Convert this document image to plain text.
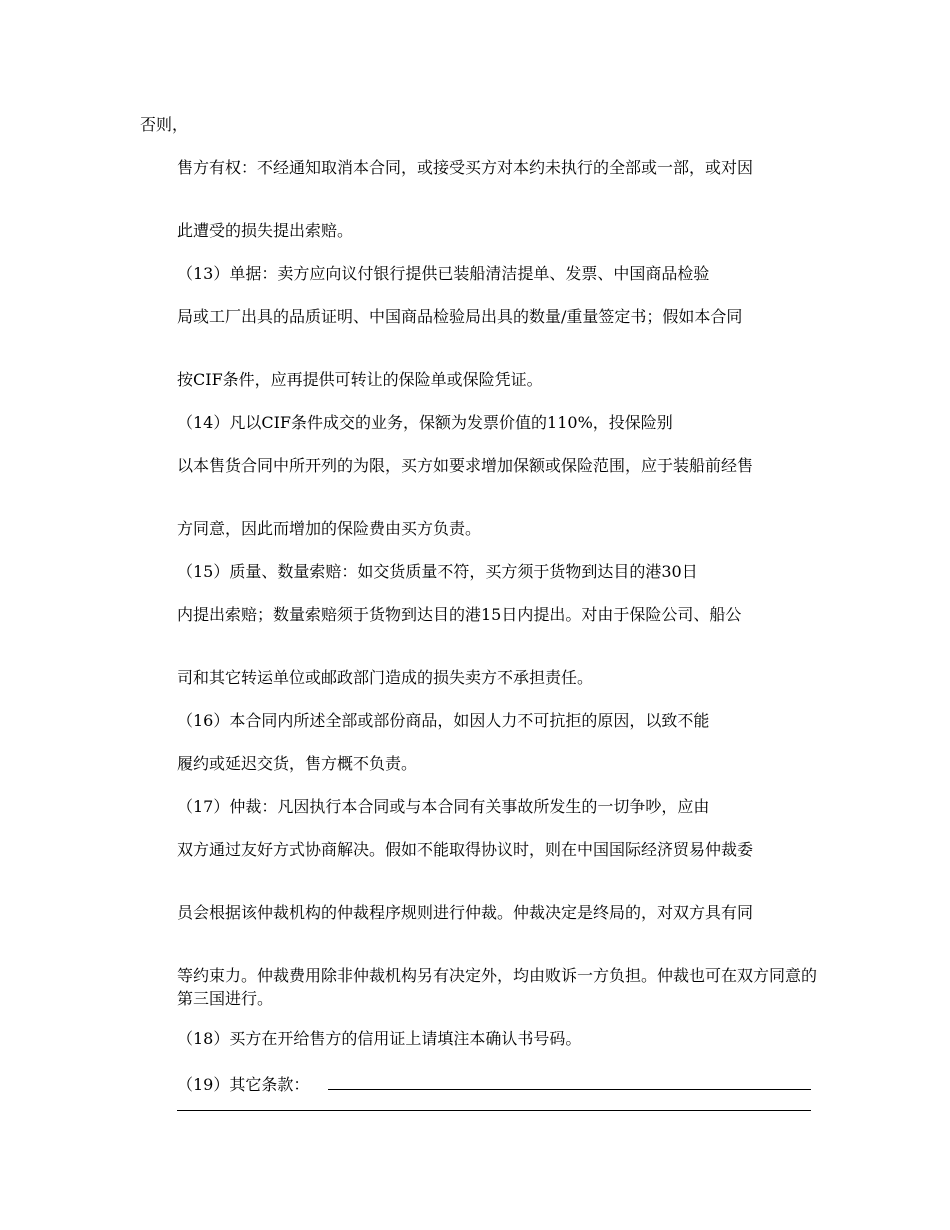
否则，
售方有权：不经通知取消本合同，或接受买方对本约未执行的全部或一部，或对因
此遭受的损失提出索赔。
（13）单据：卖方应向议付银行提供已装船清洁提单、发票、中国商品检验
局或工厂出具的品质证明、中国商品检验局出具的数量/重量签定书；假如本合同
按CIF条件，应再提供可转让的保险单或保险凭证。
（14）凡以CIF条件成交的业务，保额为发票价值的110%，投保险别
以本售货合同中所开列的为限，买方如要求增加保额或保险范围，应于装船前经售
方同意，因此而增加的保险费由买方负责。
（15）质量、数量索赔：如交货质量不符，买方须于货物到达目的港30日
内提出索赔；数量索赔须于货物到达目的港15日内提出。对由于保险公司、船公
司和其它转运单位或邮政部门造成的损失卖方不承担责任。
（16）本合同内所述全部或部份商品，如因人力不可抗拒的原因，以致不能
履约或延迟交货，售方概不负责。
（17）仲裁：凡因执行本合同或与本合同有关事故所发生的一切争吵，应由
双方通过友好方式协商解决。假如不能取得协议时，则在中国国际经济贸易仲裁委
员会根据该仲裁机构的仲裁程序规则进行仲裁。仲裁决定是终局的，对双方具有同
等约束力。仲裁费用除非仲裁机构另有决定外，均由败诉一方负担。仲裁也可在双方同意的第三国进行。
（18）买方在开给售方的信用证上请填注本确认书号码。
（19）其它条款：
